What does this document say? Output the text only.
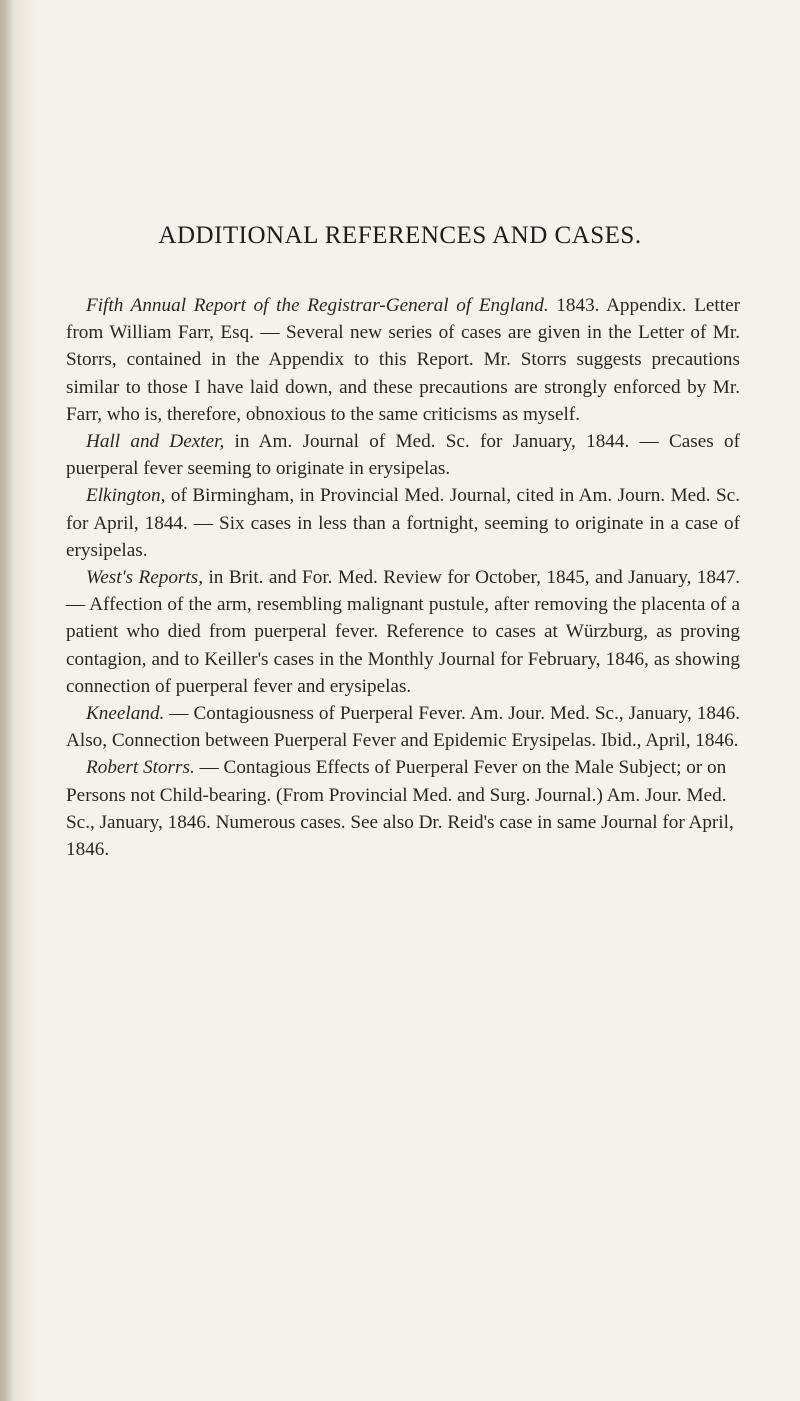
ADDITIONAL REFERENCES AND CASES.

Fifth Annual Report of the Registrar-General of England. 1843. Appendix. Letter from William Farr, Esq. — Several new series of cases are given in the Letter of Mr. Storrs, contained in the Appendix to this Report. Mr. Storrs suggests precautions similar to those I have laid down, and these precautions are strongly enforced by Mr. Farr, who is, therefore, obnoxious to the same criticisms as myself.

Hall and Dexter, in Am. Journal of Med. Sc. for January, 1844. — Cases of puerperal fever seeming to originate in erysipelas.

Elkington, of Birmingham, in Provincial Med. Journal, cited in Am. Journ. Med. Sc. for April, 1844. — Six cases in less than a fortnight, seeming to originate in a case of erysipelas.

West's Reports, in Brit. and For. Med. Review for October, 1845, and January, 1847. — Affection of the arm, resembling malignant pustule, after removing the placenta of a patient who died from puerperal fever. Reference to cases at Würzburg, as proving contagion, and to Keiller's cases in the Monthly Journal for February, 1846, as showing connection of puerperal fever and erysipelas.

Kneeland. — Contagiousness of Puerperal Fever. Am. Jour. Med. Sc., January, 1846. Also, Connection between Puerperal Fever and Epidemic Erysipelas. Ibid., April, 1846.

Robert Storrs. — Contagious Effects of Puerperal Fever on the Male Subject; or on Persons not Child-bearing. (From Provincial Med. and Surg. Journal.) Am. Jour. Med. Sc., January, 1846. Numerous cases. See also Dr. Reid's case in same Journal for April, 1846.
